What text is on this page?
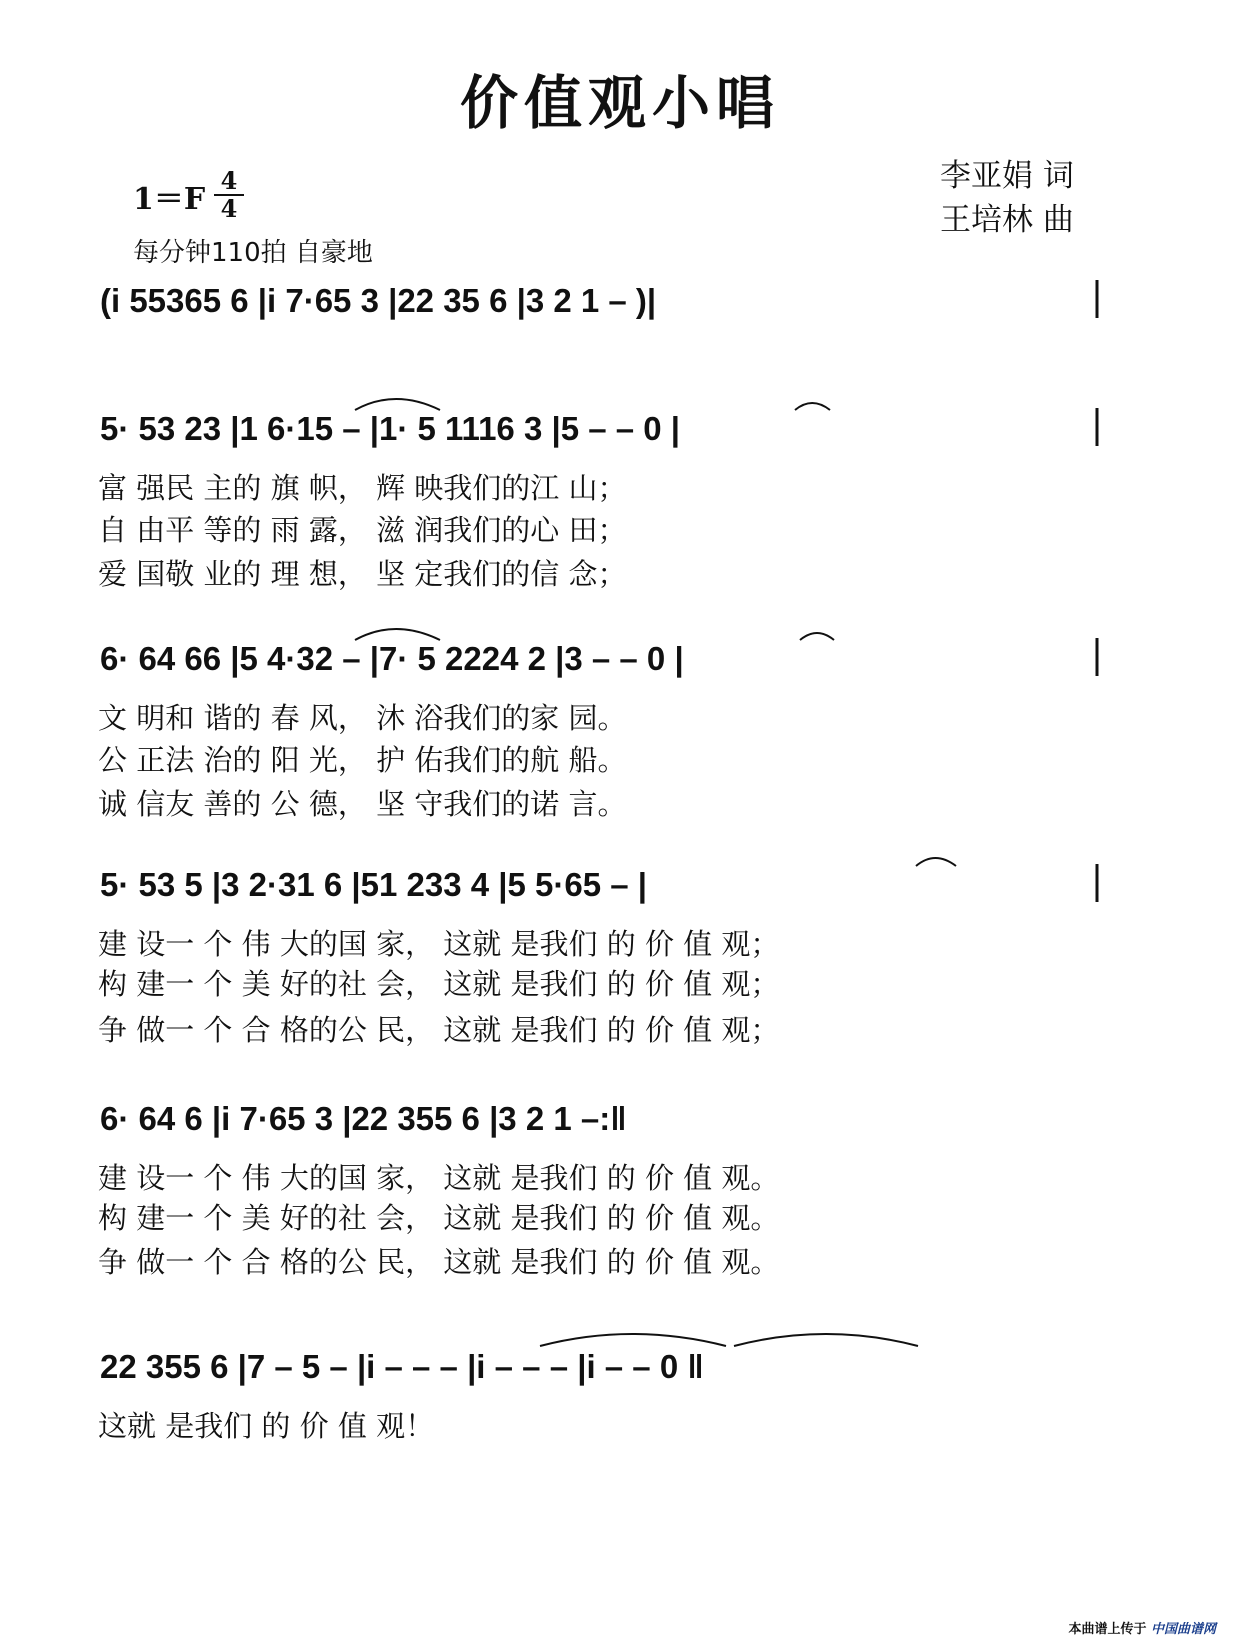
价值观小唱
李亚娟 词
王培林 曲
1＝F
4
4
每分钟110拍 自豪地
(i 55365 6 |i 7·65 3 |22 35 6 |3 2 1 – )|
5· 53 23 |1 6·15 – |1· 5 1116 3 |5 – – 0 |
6· 64 66 |5 4·32 – |7· 5 2224 2 |3 – – 0 |
5· 53 5 |3 2·31 6 |51 233 4 |5 5·65 – |
6· 64 6 |i 7·65 3 |22 355 6 |3 2 1 –:‖
22 355 6 |7 – 5 – |i – – – |i – – – |i – – 0 ‖
富 强民 主的 旗 帜， 辉 映我们的江 山；
自 由平 等的 雨 露， 滋 润我们的心 田；
爱 国敬 业的 理 想， 坚 定我们的信 念；
文 明和 谐的 春 风， 沐 浴我们的家 园。
公 正法 治的 阳 光， 护 佑我们的航 船。
诚 信友 善的 公 德， 坚 守我们的诺 言。
建 设一 个 伟 大的国 家， 这就 是我们 的 价 值 观；
构 建一 个 美 好的社 会， 这就 是我们 的 价 值 观；
争 做一 个 合 格的公 民， 这就 是我们 的 价 值 观；
建 设一 个 伟 大的国 家， 这就 是我们 的 价 值 观。
构 建一 个 美 好的社 会， 这就 是我们 的 价 值 观。
争 做一 个 合 格的公 民， 这就 是我们 的 价 值 观。
这就 是我们 的 价 值 观！
本曲谱上传于 中国曲谱网
